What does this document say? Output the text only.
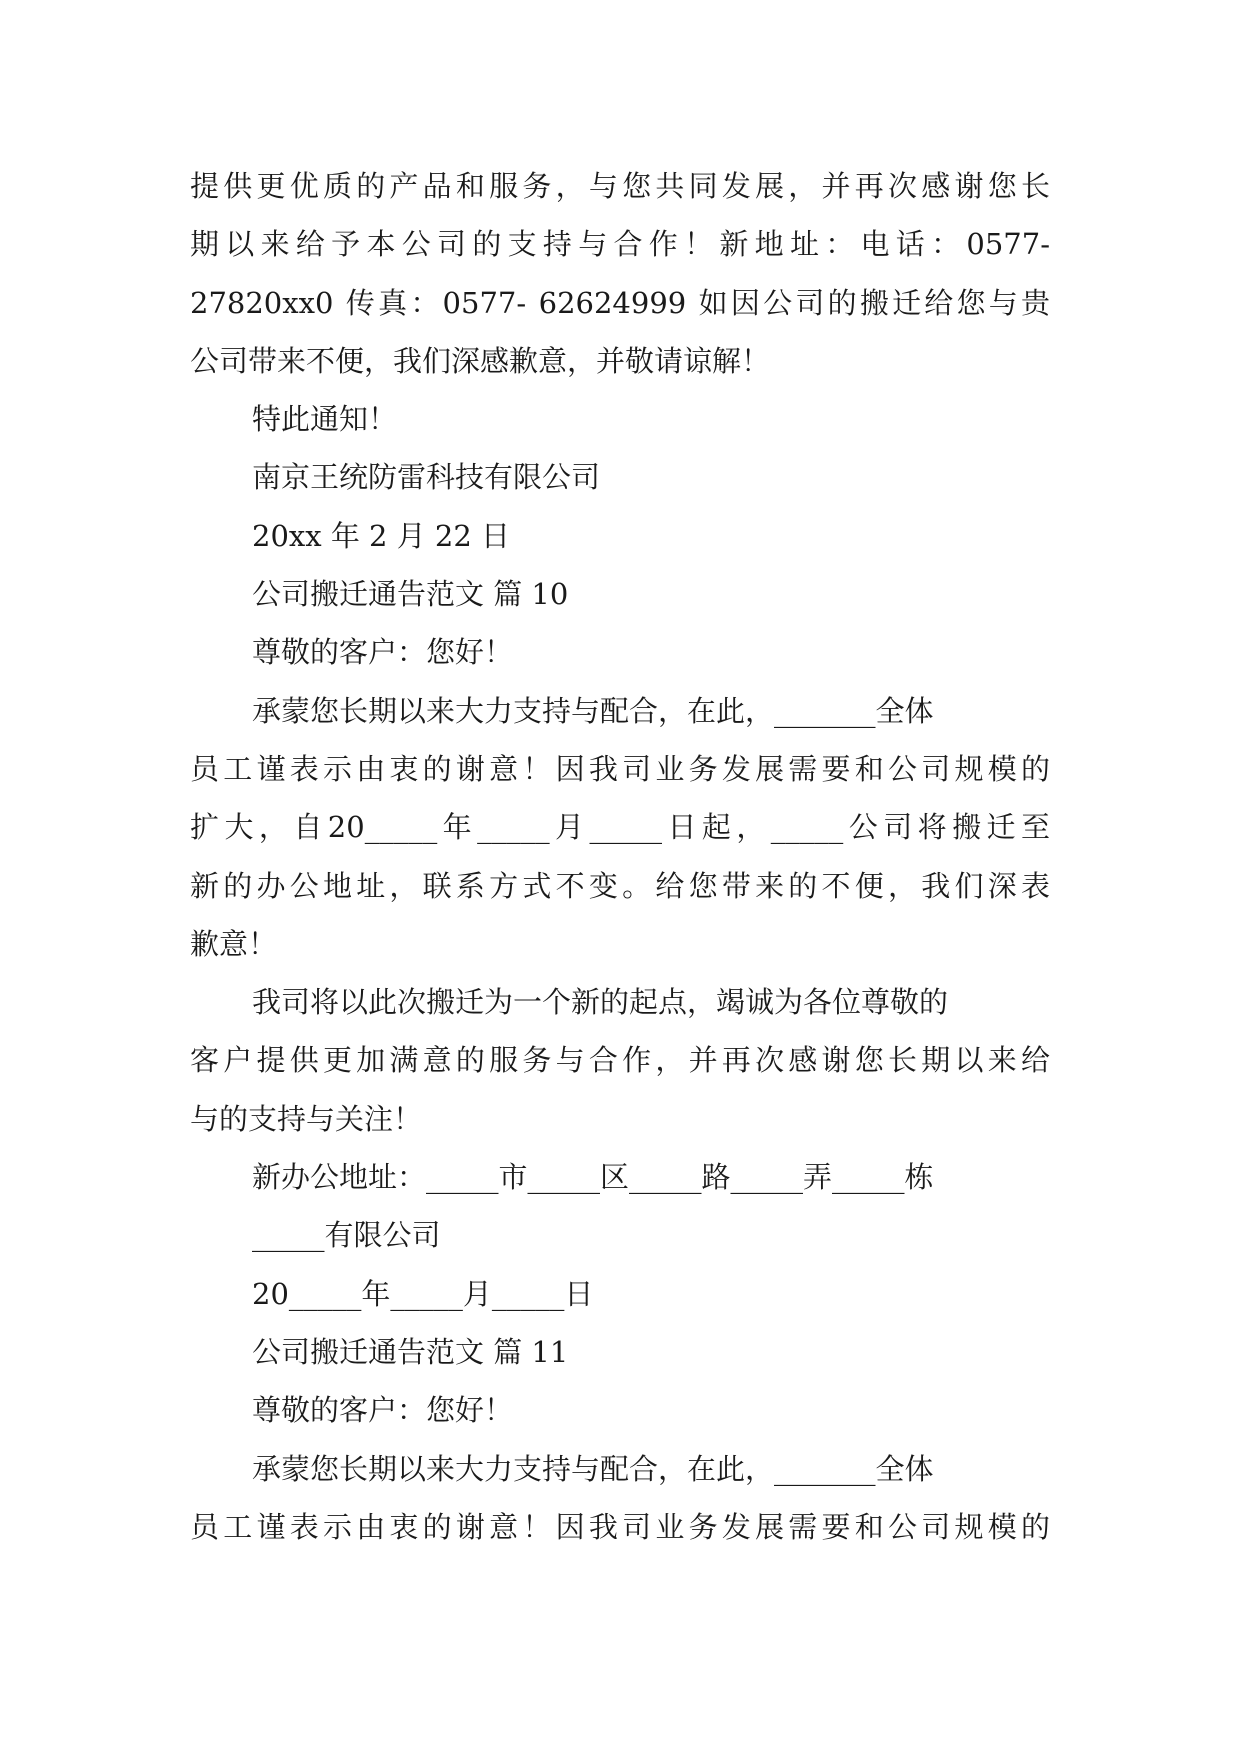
提供更优质的产品和服务，与您共同发展，并再次感谢您长
期以来给予本公司的支持与合作！新地址：电话：0577-
27820xx0 传真：0577- 62624999 如因公司的搬迁给您与贵
公司带来不便，我们深感歉意，并敬请谅解！
特此通知！
南京王统防雷科技有限公司
20xx 年 2 月 22 日
公司搬迁通告范文 篇 10
尊敬的客户：您好！
承蒙您长期以来大力支持与配合，在此，_______全体
员工谨表示由衷的谢意！因我司业务发展需要和公司规模的
扩大，自20_____年_____月_____日起，_____公司将搬迁至
新的办公地址，联系方式不变。给您带来的不便，我们深表
歉意！
我司将以此次搬迁为一个新的起点，竭诚为各位尊敬的
客户提供更加满意的服务与合作，并再次感谢您长期以来给
与的支持与关注！
新办公地址：_____市_____区_____路_____弄_____栋
_____有限公司
20_____年_____月_____日
公司搬迁通告范文 篇 11
尊敬的客户：您好！
承蒙您长期以来大力支持与配合，在此，_______全体
员工谨表示由衷的谢意！因我司业务发展需要和公司规模的
